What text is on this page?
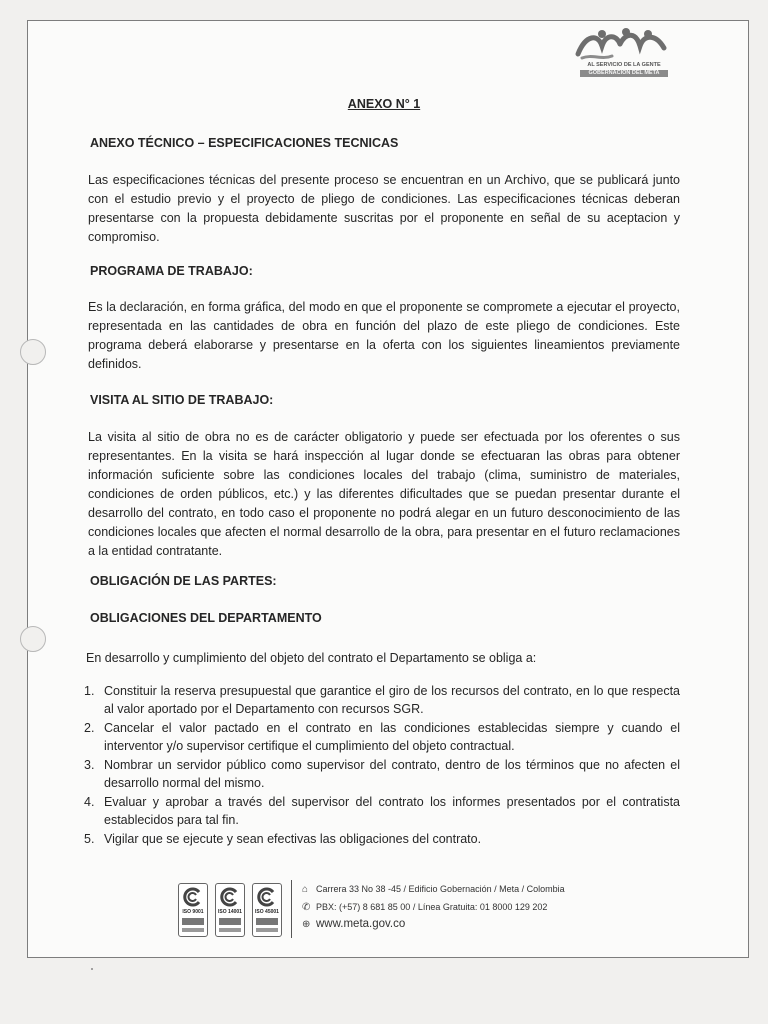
AL SERVICIO DE LA GENTE
GOBERNACIÓN DEL META
ANEXO N° 1
ANEXO TÉCNICO – ESPECIFICACIONES TECNICAS

Las especificaciones técnicas del presente proceso se encuentran en un Archivo, que se publicará junto con el estudio previo y el proyecto de pliego de condiciones. Las especificaciones técnicas deberan presentarse con la propuesta debidamente suscritas por el proponente en señal de su aceptacion y compromiso.

PROGRAMA DE TRABAJO:

Es la declaración, en forma gráfica, del modo en que el proponente se compromete a ejecutar el proyecto, representada en las cantidades de obra en función del plazo de este pliego de condiciones. Este programa deberá elaborarse y presentarse en la oferta con los siguientes lineamientos previamente definidos.

VISITA AL SITIO DE TRABAJO:

La visita al sitio de obra no es de carácter obligatorio y puede ser efectuada por los oferentes o sus representantes. En la visita se hará inspección al lugar donde se efectuaran las obras para obtener información suficiente sobre las condiciones locales del trabajo (clima, suministro de materiales, condiciones de orden públicos, etc.) y las diferentes dificultades que se puedan presentar durante el desarrollo del contrato, en todo caso el proponente no podrá alegar en un futuro desconocimiento de las condiciones locales que afecten el normal desarrollo de la obra, para presentar en el futuro reclamaciones a la entidad contratante.

OBLIGACIÓN DE LAS PARTES:
OBLIGACIONES DEL DEPARTAMENTO

En desarrollo y cumplimiento del objeto del contrato el Departamento se obliga a:

1. Constituir la reserva presupuestal que garantice el giro de los recursos del contrato, en lo que respecta al valor aportado por el Departamento con recursos SGR.
2. Cancelar el valor pactado en el contrato en las condiciones establecidas siempre y cuando el interventor y/o supervisor certifique el cumplimiento del objeto contractual.
3. Nombrar un servidor público como supervisor del contrato, dentro de los términos que no afecten el desarrollo normal del mismo.
4. Evaluar y aprobar a través del supervisor del contrato los informes presentados por el contratista establecidos para tal fin.
5. Vigilar que se ejecute y sean efectivas las obligaciones del contrato.
ISO 9001	ISO 14001	ISO 45001
⌂ Carrera 33 No 38 -45 / Edificio Gobernación / Meta / Colombia
✆ PBX: (+57) 8 681 85 00 / Línea Gratuita: 01 8000 129 202
⊕ www.meta.gov.co
